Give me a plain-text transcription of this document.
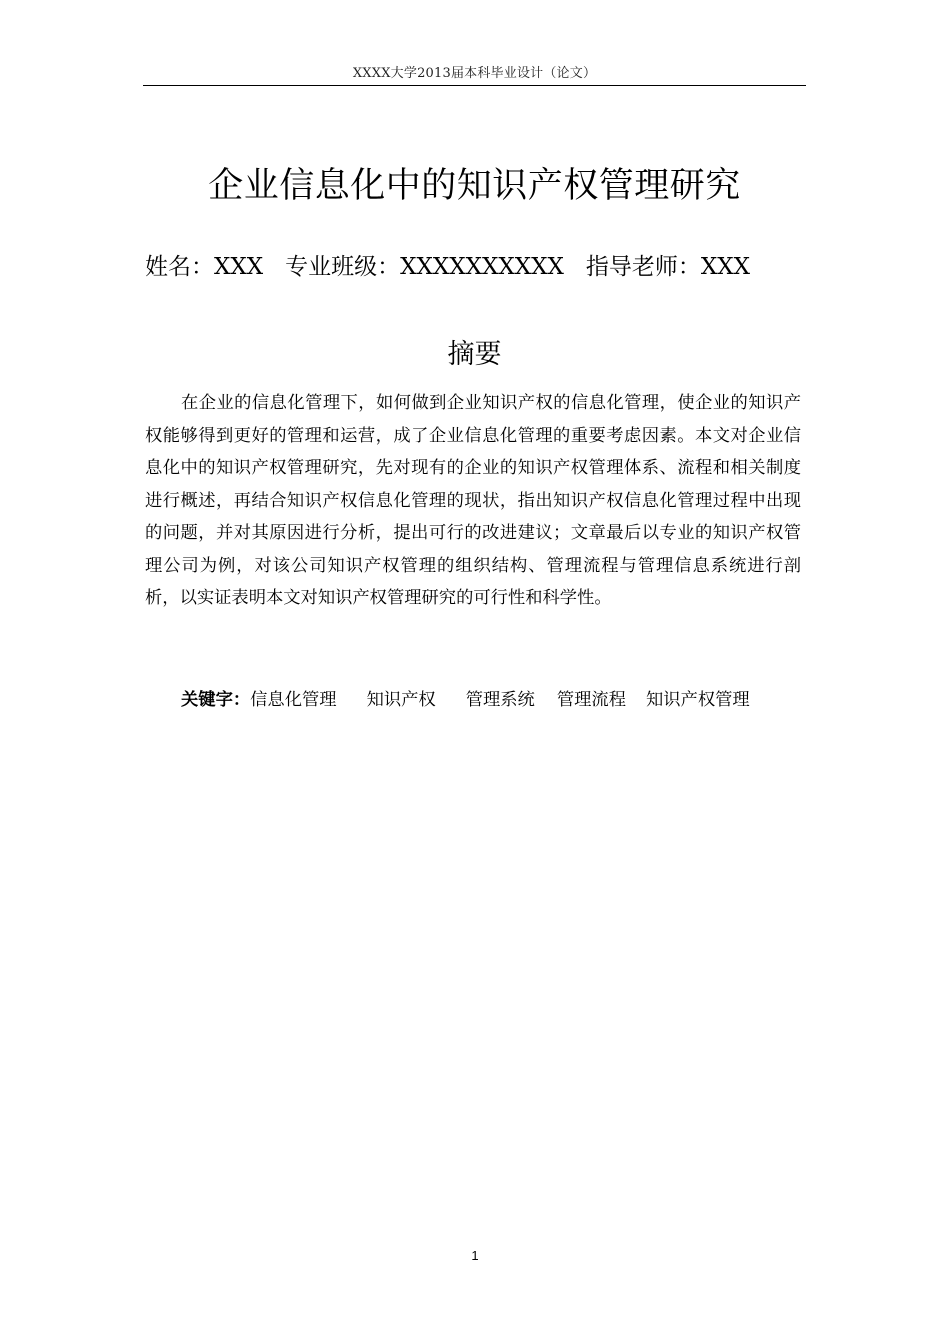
XXXX大学2013届本科毕业设计（论文）
企业信息化中的知识产权管理研究
姓名：XXX 专业班级：XXXXXXXXXX 指导老师：XXX
摘要

在企业的信息化管理下，如何做到企业知识产权的信息化管理，使企业的知识产权能够得到更好的管理和运营，成了企业信息化管理的重要考虑因素。本文对企业信息化中的知识产权管理研究，先对现有的企业的知识产权管理体系、流程和相关制度进行概述，再结合知识产权信息化管理的现状，指出知识产权信息化管理过程中出现的问题，并对其原因进行分析，提出可行的改进建议；文章最后以专业的知识产权管理公司为例，对该公司知识产权管理的组织结构、管理流程与管理信息系统进行剖析，以实证表明本文对知识产权管理研究的可行性和科学性。

关键字：信息化管理 知识产权 管理系统 管理流程 知识产权管理
1
